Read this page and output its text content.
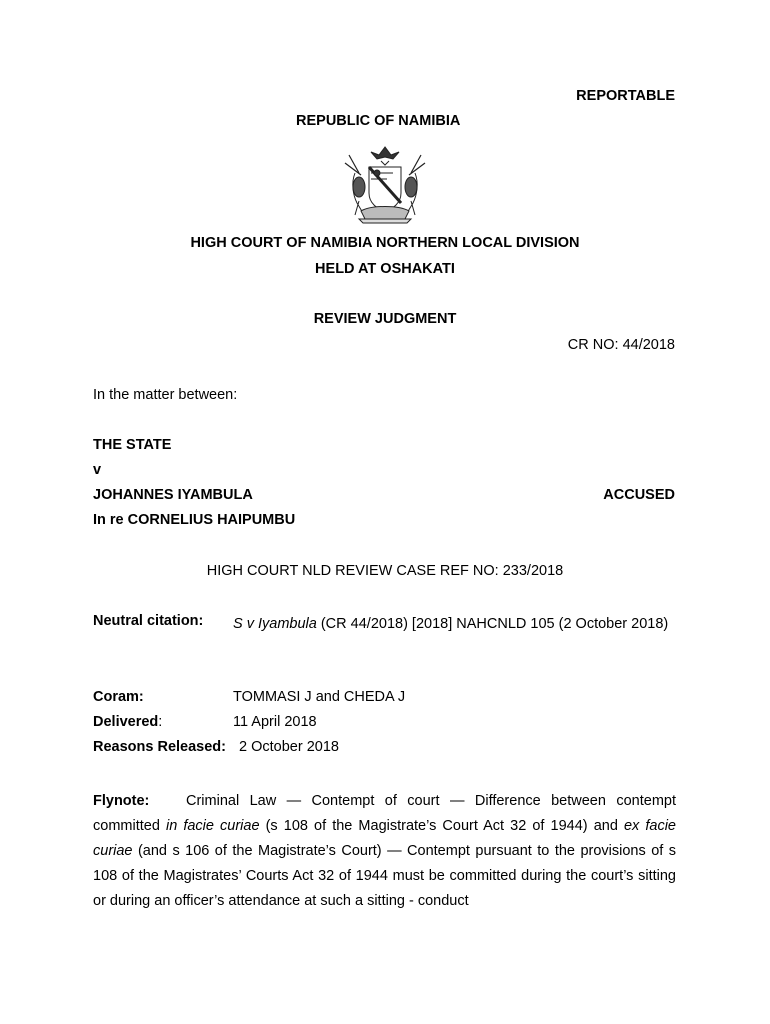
REPORTABLE
REPUBLIC OF NAMIBIA
HIGH COURT OF NAMIBIA NORTHERN LOCAL DIVISION
HELD AT OSHAKATI
REVIEW JUDGMENT
CR NO: 44/2018
In the matter between:
THE STATE
v
JOHANNES IYAMBULA	ACCUSED
In re CORNELIUS HAIPUMBU
HIGH COURT NLD REVIEW CASE REF NO: 233/2018
Neutral citation: S v Iyambula (CR 44/2018) [2018] NAHCNLD 105 (2 October 2018)
Coram:	TOMMASI J and CHEDA J
Delivered:	11 April 2018
Reasons Released: 2 October 2018
Flynote:	Criminal Law — Contempt of court — Difference between contempt committed in facie curiae (s 108 of the Magistrate’s Court Act 32 of 1944) and ex facie curiae (and s 106 of the Magistrate’s Court) — Contempt pursuant to the provisions of s 108 of the Magistrates’ Courts Act 32 of 1944 must be committed during the court’s sitting or during an officer’s attendance at such a sitting - conduct
